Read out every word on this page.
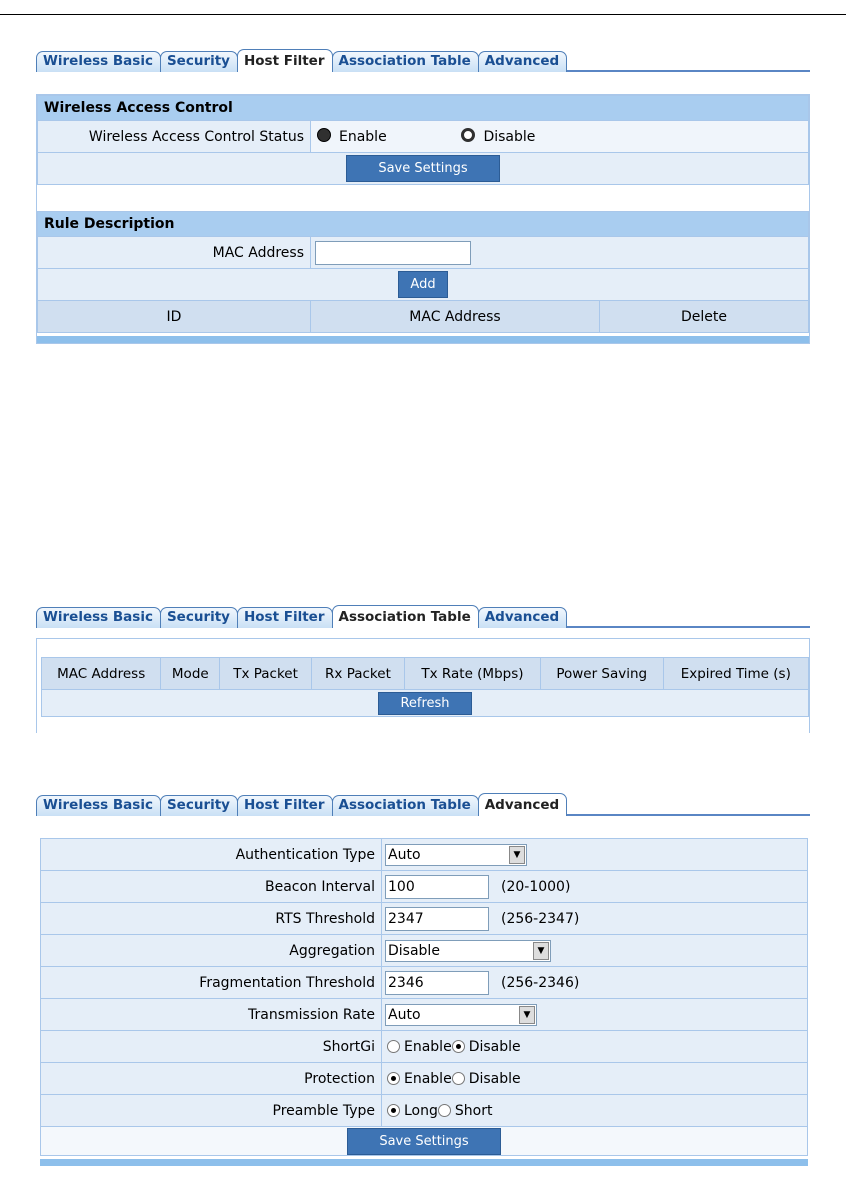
Wireless Basic	Security	Host Filter	Association Table	Advanced
Wireless Access Control		
Wireless Access Control Status	Enable Disable	
Save Settings		

Rule Description		
MAC Address		
Add		
ID	MAC Address	Delete
Wireless Basic	Security	Host Filter	Association Table	Advanced
MAC Address	Mode	Tx Packet	Rx Packet	Tx Rate (Mbps)	Power Saving	Expired Time (s)
Refresh
Wireless Basic	Security	Host Filter	Association Table	Advanced
Authentication Type	Auto ▼

Beacon Interval	100 (20-1000)
RTS Threshold	2347 (256-2347)
Aggregation	Disable ▼

Fragmentation Threshold	2346 (256-2346)
Transmission Rate	Auto ▼

ShortGi	Enable Disable
Protection	Enable Disable
Preamble Type	Long Short
Save Settings	
